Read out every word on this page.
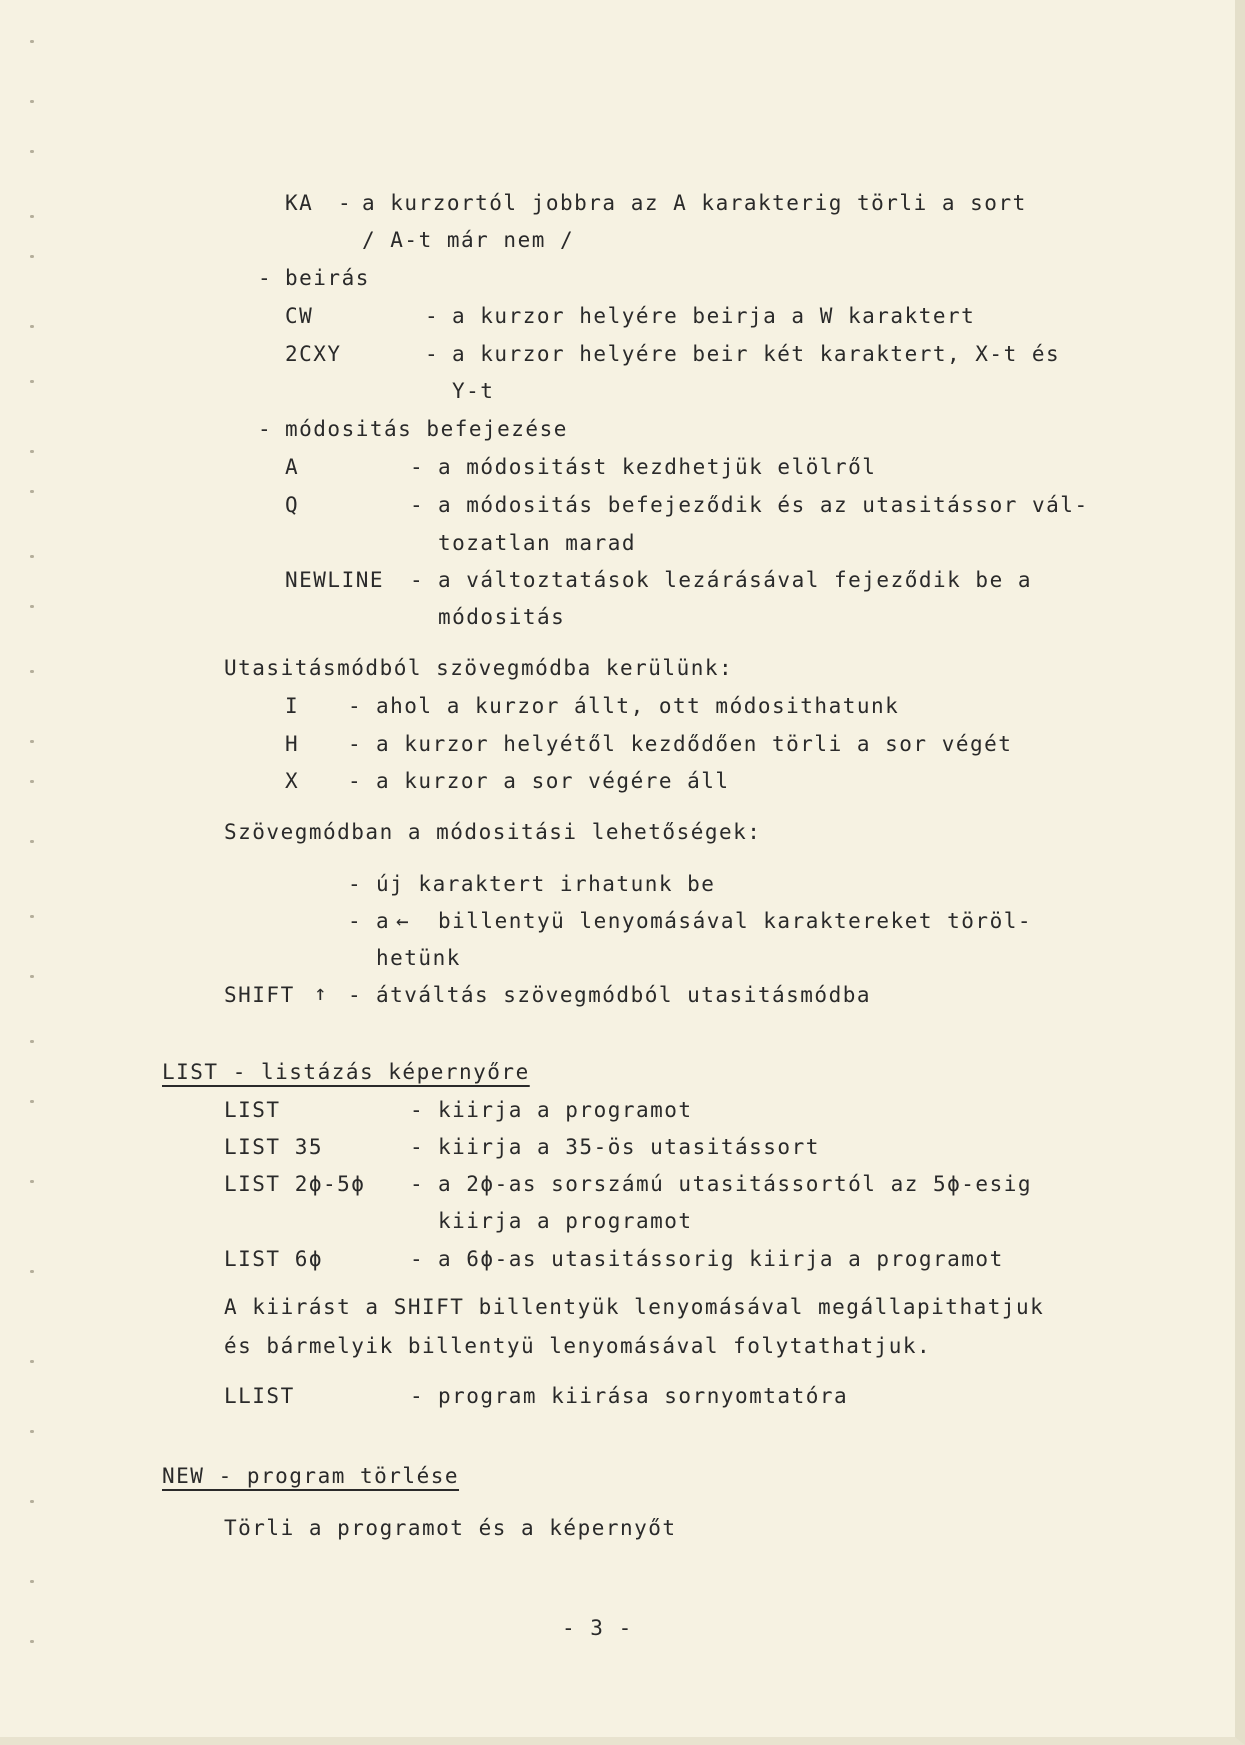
KA - a kurzortól jobbra az A karakterig törli a sort
/ A-t már nem /
- beirás
CW	- a kurzor helyére beirja a W karaktert
2CXY	- a kurzor helyére beir két karaktert, X-t és
Y-t
- módositás befejezése
A	- a módositást kezdhetjük elölről
Q	- a módositás befejeződik és az utasitássor vál-
tozatlan marad
NEWLINE - a változtatások lezárásával fejeződik be a
módositás
Utasitásmódból szövegmódba kerülünk:
I - ahol a kurzor állt, ott módosithatunk
H - a kurzor helyétől kezdődően törli a sor végét
X - a kurzor a sor végére áll
Szövegmódban a módositási lehetőségek:
- új karaktert irhatunk be
- a ← billentyü lenyomásával karaktereket töröl-
hetünk
SHIFT ↑ - átváltás szövegmódból utasitásmódba
LIST - listázás képernyőre
LIST	- kiirja a programot
LIST 35	- kiirja a 35-ös utasitássort
LIST 2ϕ-5ϕ - a 2ϕ-as sorszámú utasitássortól az 5ϕ-esig
kiirja a programot
LIST 6ϕ	- a 6ϕ-as utasitássorig kiirja a programot
A kiirást a SHIFT billentyük lenyomásával megállapithatjuk
és bármelyik billentyü lenyomásával folytathatjuk.
LLIST	- program kiirása sornyomtatóra
NEW - program törlése
Törli a programot és a képernyőt
- 3 -
